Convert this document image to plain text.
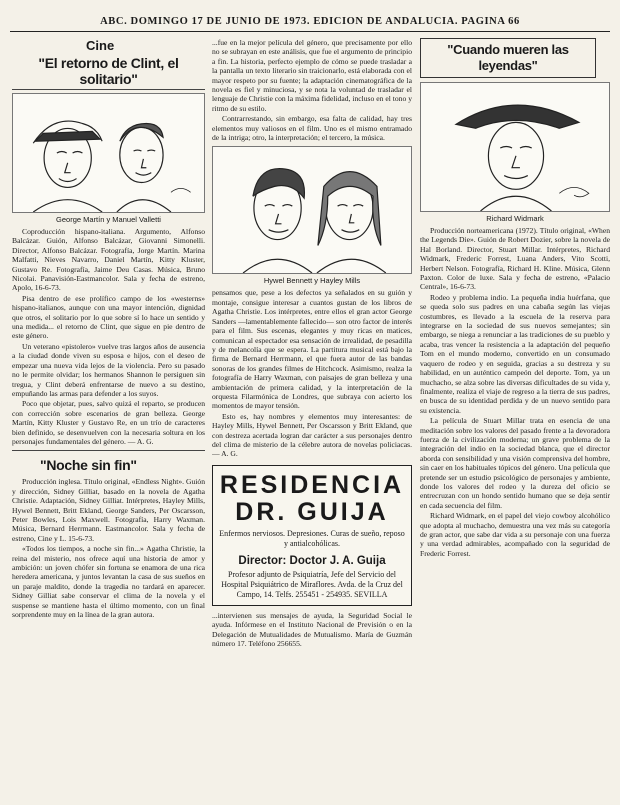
ABC. DOMINGO 17 DE JUNIO DE 1973. EDICION DE ANDALUCIA. PAGINA 66
Cine
"El retorno de Clint, el solitario"
George Martín y Manuel Valletti

Coproducción hispano-italiana. Argumento, Alfonso Balcázar. Guión, Alfonso Balcázar, Giovanni Simonelli. Director, Alfonso Balcázar. Fotografía, Jorge Martín. Marina Malfatti, Nieves Navarro, Daniel Martín, Kitty Kluster, Gustavo Re. Fotografía, Jaime Deu Casas. Música, Bruno Nicolai. Panavisión-Eastmancolor. Sala y fecha de estreno, Apolo, 16-6-73.

Pisa dentro de ese prolífico campo de los «westerns» hispano-italianos, aunque con una mayor intención, dignidad que otros, el solitario por lo que sobre sí lo hace un sentido y una medida... el retorno de Clint, que sigue en pie dentro de este género.

Un veterano «pistolero» vuelve tras largos años de ausencia a la ciudad donde viven su esposa e hijos, con el deseo de empezar una nueva vida lejos de la violencia. Pero su pasado no le permite olvidar; los hermanos Shannon le persiguen sin tregua, y Clint deberá enfrentarse de nuevo a su destino, empuñando las armas para defender a los suyos.

Poco que objetar, pues, salvo quizá el reparto, se producen con corrección sobre escenarios de gran belleza. George Martín, Kitty Kluster y Gustavo Re, en un trío de caracteres bien definido, se desenvuelven con la necesaria soltura en los personajes fundamentales del género. — A. G.

"Noche sin fin"

Producción inglesa. Título original, «Endless Night». Guión y dirección, Sidney Gilliat, basado en la novela de Agatha Christie. Adaptación, Sidney Gilliat. Intérpretes, Hayley Mills, Hywel Bennett, Britt Ekland, George Sanders, Per Oscarsson, Peter Bowles, Lois Maxwell. Fotografía, Harry Waxman. Música, Bernard Herrmann. Eastmancolor. Sala y fecha de estreno, Cine y L. 15-6-73.

«Todos los tiempos, a noche sin fin...» Agatha Christie, la reina del misterio, nos ofrece aquí una historia de amor y ambición: un joven chófer sin fortuna se enamora de una rica heredera americana, y juntos levantan la casa de sus sueños en un paraje maldito, donde la tragedia no tardará en aparecer. Sidney Gilliat sabe conservar el clima de la novela y el suspense se mantiene hasta el último momento, con un final sorprendente muy en la línea de la gran autora.

...fue en la mejor película del género, que precisamente por ello no se subrayan en este análisis, que fue el argumento de principio a fin. La historia, perfecto ejemplo de cómo se puede trasladar a la pantalla un texto literario sin traicionarlo, está elaborada con el mayor respeto por su fuente; la adaptación cinematográfica de la novela es fiel y minuciosa, y se nota la voluntad de trasladar el lenguaje de Christie con la máxima fidelidad, incluso en el tono y ritmo de su estilo.

Contrarrestando, sin embargo, esa falta de calidad, hay tres elementos muy valiosos en el film. Uno es el mismo entramado de la intriga; otro, la interpretación; el tercero, la música.

Hywel Bennett y Hayley Mills

pensamos que, pese a los defectos ya señalados en su guión y montaje, consigue interesar a cuantos gustan de los libros de Agatha Christie. Los intérpretes, entre ellos el gran actor George Sanders —lamentablemente fallecido— son otro factor de interés para el film. Sus escenas, elegantes y muy ricas en matices, comunican al espectador esa sensación de irrealidad, de pesadilla y de melancolía que se espera. La partitura musical está bajo la firma de Bernard Herrmann, el que fuera autor de las bandas sonoras de los grandes filmes de Hitchcock. Asimismo, realza la fotografía de Harry Waxman, con paisajes de gran belleza y una ambientación de primera calidad, y la interpretación de la orquesta Filarmónica de Londres, que subraya con acierto los momentos de mayor tensión.

Esto es, hay nombres y elementos muy interesantes: de Hayley Mills, Hywel Bennett, Per Oscarsson y Britt Ekland, que con destreza acertada logran dar carácter a sus personajes dentro del clima de misterio de la célebre autora de novelas policiacas. — A. G.

RESIDENCIA
DR. GUIJA
Enfermos nerviosos. Depresiones. Curas de sueño, reposo y antialcohólicas.
Director: Doctor J. A. Guija
Profesor adjunto de Psiquiatría, Jefe del Servicio del Hospital Psiquiátrico de Miraflores. Avda. de la Cruz del Campo, 14. Telfs. 255451 - 254935. SEVILLA

...intervienen sus mensajes de ayuda, la Seguridad Social le ayuda. Infórmese en el Instituto Nacional de Previsión o en la Delegación de Mutualidades de Mutualismo. María de Guzmán número 17. Teléfono 256655.

"Cuando mueren las leyendas"
Richard Widmark

Producción norteamericana (1972). Título original, «When the Legends Die». Guión de Robert Dozier, sobre la novela de Hal Borland. Director, Stuart Millar. Intérpretes, Richard Widmark, Frederic Forrest, Luana Anders, Vito Scotti, Herbert Nelson. Fotografía, Richard H. Kline. Música, Glenn Paxton. Color de luxe. Sala y fecha de estreno, «Palacio Central», 16-6-73.

Rodeo y problema indio. La pequeña india huérfana, que se queda solo sus padres en una cabaña según las viejas costumbres, es llevado a la escuela de la reserva para integrarse en la sociedad de sus nuevos semejantes; sin embargo, se niega a renunciar a las tradiciones de su pueblo y acaba, tras vencer la resistencia a la adaptación del pequeño Tom en el mundo moderno, convertido en un consumado vaquero de rodeo y en seguida, gracias a su destreza y su habilidad, en un auténtico campeón del deporte. Tom, ya un muchacho, se alza sobre las diversas dificultades de su vida y, finalmente, realiza el viaje de regreso a la tierra de sus padres, en busca de su identidad perdida y de un nuevo sentido para su existencia.

La película de Stuart Millar trata en esencia de una meditación sobre los valores del pasado frente a la devoradora fuerza de la civilización moderna; un grave problema de la integración del indio en la sociedad blanca, que el director aborda con sensibilidad y una visión comprensiva del hombre, sin caer en los habituales tópicos del género. Una película que pretende ser un estudio psicológico de personajes y ambiente, donde los valores del rodeo y la dureza del oficio se entrecruzan con un hondo sentido humano que se deja sentir en cada secuencia del film.

Richard Widmark, en el papel del viejo cowboy alcohólico que adopta al muchacho, demuestra una vez más su categoría de gran actor, que sabe dar vida a su personaje con una fuerza y una verdad admirables, acompañado con la seguridad de Frederic Forrest.
